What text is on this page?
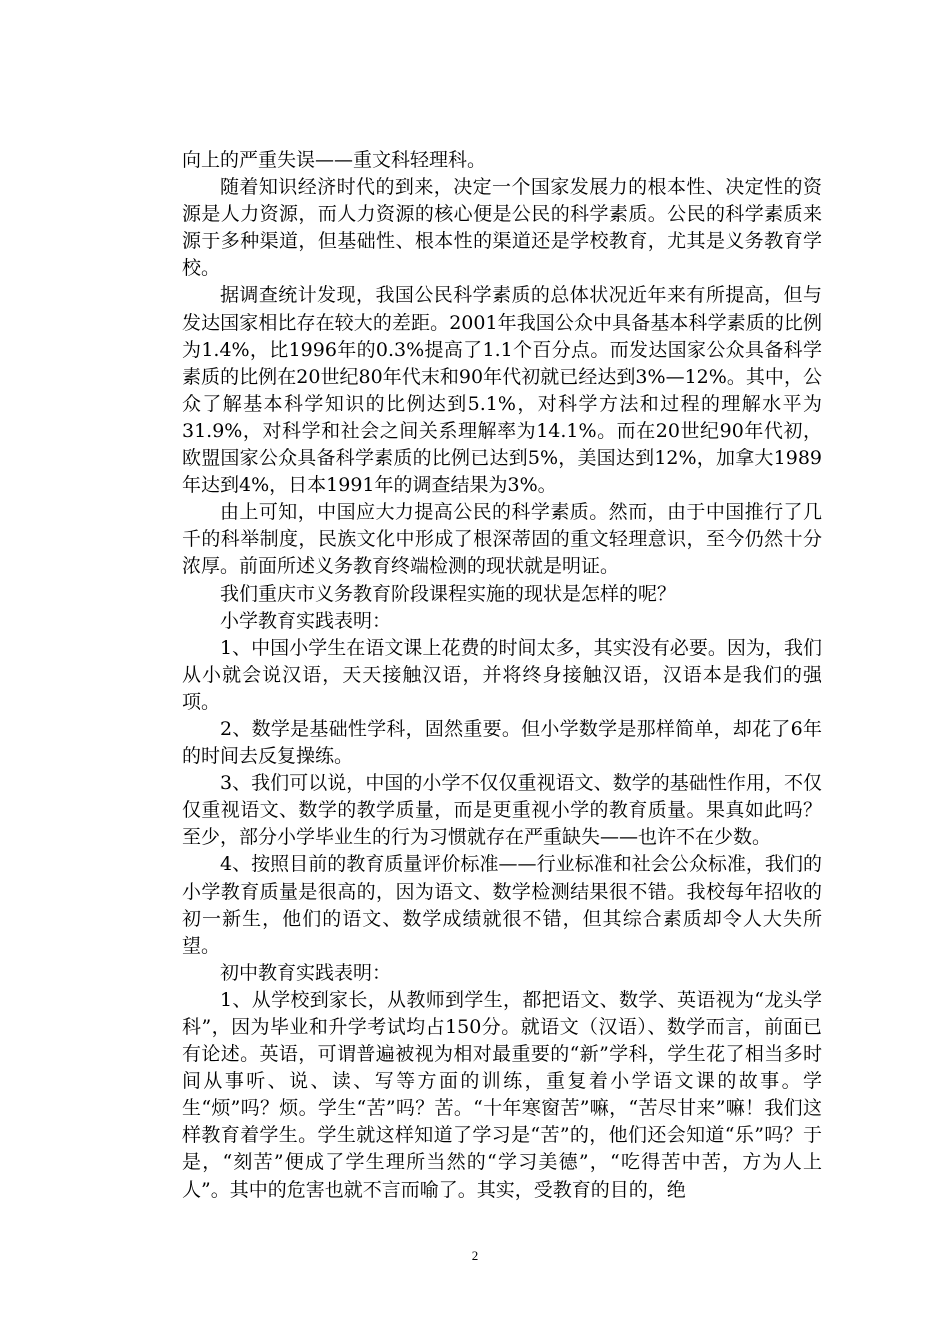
向上的严重失误——重文科轻理科。

随着知识经济时代的到来，决定一个国家发展力的根本性、决定性的资源是人力资源，而人力资源的核心便是公民的科学素质。公民的科学素质来源于多种渠道，但基础性、根本性的渠道还是学校教育，尤其是义务教育学校。

据调查统计发现，我国公民科学素质的总体状况近年来有所提高，但与发达国家相比存在较大的差距。2001年我国公众中具备基本科学素质的比例为1.4%，比1996年的0.3%提高了1.1个百分点。而发达国家公众具备科学素质的比例在20世纪80年代末和90年代初就已经达到3%—12%。其中，公众了解基本科学知识的比例达到5.1%，对科学方法和过程的理解水平为31.9%，对科学和社会之间关系理解率为14.1%。而在20世纪90年代初，欧盟国家公众具备科学素质的比例已达到5%，美国达到12%，加拿大1989年达到4%，日本1991年的调查结果为3%。

由上可知，中国应大力提高公民的科学素质。然而，由于中国推行了几千的科举制度，民族文化中形成了根深蒂固的重文轻理意识，至今仍然十分浓厚。前面所述义务教育终端检测的现状就是明证。

我们重庆市义务教育阶段课程实施的现状是怎样的呢？

小学教育实践表明：

1、中国小学生在语文课上花费的时间太多，其实没有必要。因为，我们从小就会说汉语，天天接触汉语，并将终身接触汉语，汉语本是我们的强项。

2、数学是基础性学科，固然重要。但小学数学是那样简单，却花了6年的时间去反复操练。

3、我们可以说，中国的小学不仅仅重视语文、数学的基础性作用，不仅仅重视语文、数学的教学质量，而是更重视小学的教育质量。果真如此吗？至少，部分小学毕业生的行为习惯就存在严重缺失——也许不在少数。

4、按照目前的教育质量评价标准——行业标准和社会公众标准，我们的小学教育质量是很高的，因为语文、数学检测结果很不错。我校每年招收的初一新生，他们的语文、数学成绩就很不错，但其综合素质却令人大失所望。

初中教育实践表明：

1、从学校到家长，从教师到学生，都把语文、数学、英语视为“龙头学科”，因为毕业和升学考试均占150分。就语文（汉语）、数学而言，前面已有论述。英语，可谓普遍被视为相对最重要的“新”学科，学生花了相当多时间从事听、说、读、写等方面的训练，重复着小学语文课的故事。学生“烦”吗？烦。学生“苦”吗？苦。“十年寒窗苦”嘛，“苦尽甘来”嘛！我们这样教育着学生。学生就这样知道了学习是“苦”的，他们还会知道“乐”吗？于是，“刻苦”便成了学生理所当然的“学习美德”，“吃得苦中苦，方为人上人”。其中的危害也就不言而喻了。其实，受教育的目的，绝

2
